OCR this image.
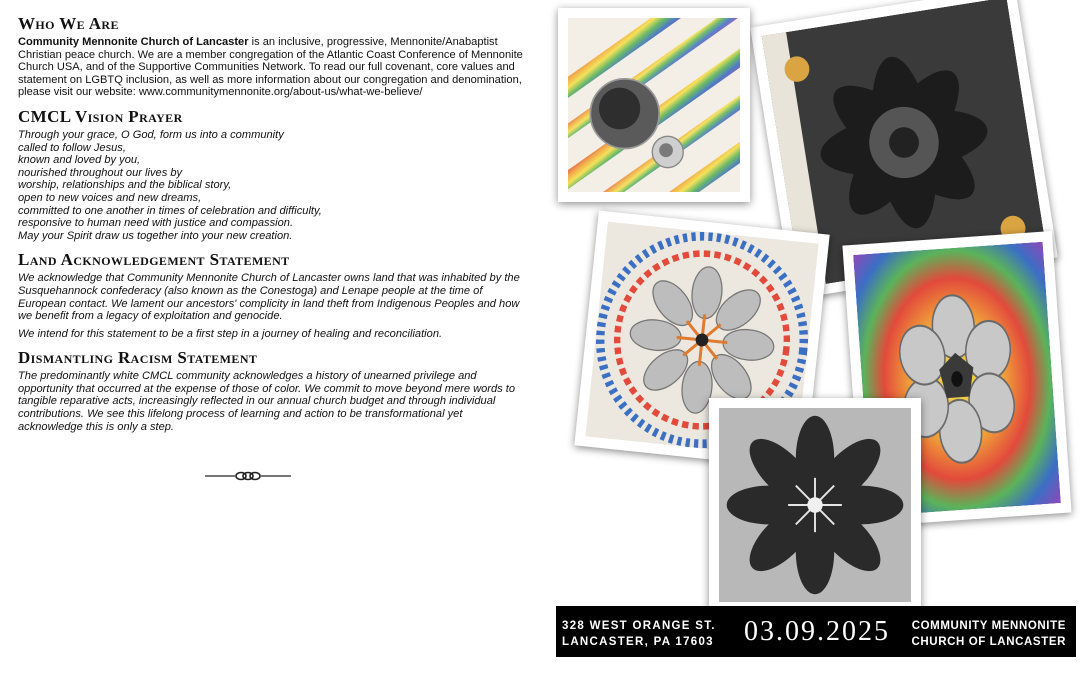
Who We Are

Community Mennonite Church of Lancaster is an inclusive, progressive, Mennonite/Anabaptist Christian peace church. We are a member congregation of the Atlantic Coast Conference of Mennonite Church USA, and of the Supportive Communities Network. To read our full covenant, core values and statement on LGBTQ inclusion, as well as more information about our congregation and denomination, please visit our website: www.communitymennonite.org/about-us/what-we-believe/

CMCL Vision Prayer
Through your grace, O God, form us into a community
called to follow Jesus,
known and loved by you,
nourished throughout our lives by
worship, relationships and the biblical story,
open to new voices and new dreams,
committed to one another in times of celebration and difficulty,
responsive to human need with justice and compassion.
May your Spirit draw us together into your new creation.
Land Acknowledgement Statement

We acknowledge that Community Mennonite Church of Lancaster owns land that was inhabited by the Susquehannock confederacy (also known as the Conestoga) and Lenape people at the time of European contact. We lament our ancestors' complicity in land theft from Indigenous Peoples and how we benefit from a legacy of exploitation and genocide.

We intend for this statement to be a first step in a journey of healing and reconciliation.

Dismantling Racism Statement

The predominantly white CMCL community acknowledges a history of unearned privilege and opportunity that occurred at the expense of those of color. We commit to move beyond mere words to tangible reparative acts, increasingly reflected in our annual church budget and through individual contributions. We see this lifelong process of learning and action to be transformational yet acknowledge this is only a step.

328 WEST ORANGE ST.
LANCASTER, PA 17603 03.09.2025 COMMUNITY MENNONITE
CHURCH OF LANCASTER
